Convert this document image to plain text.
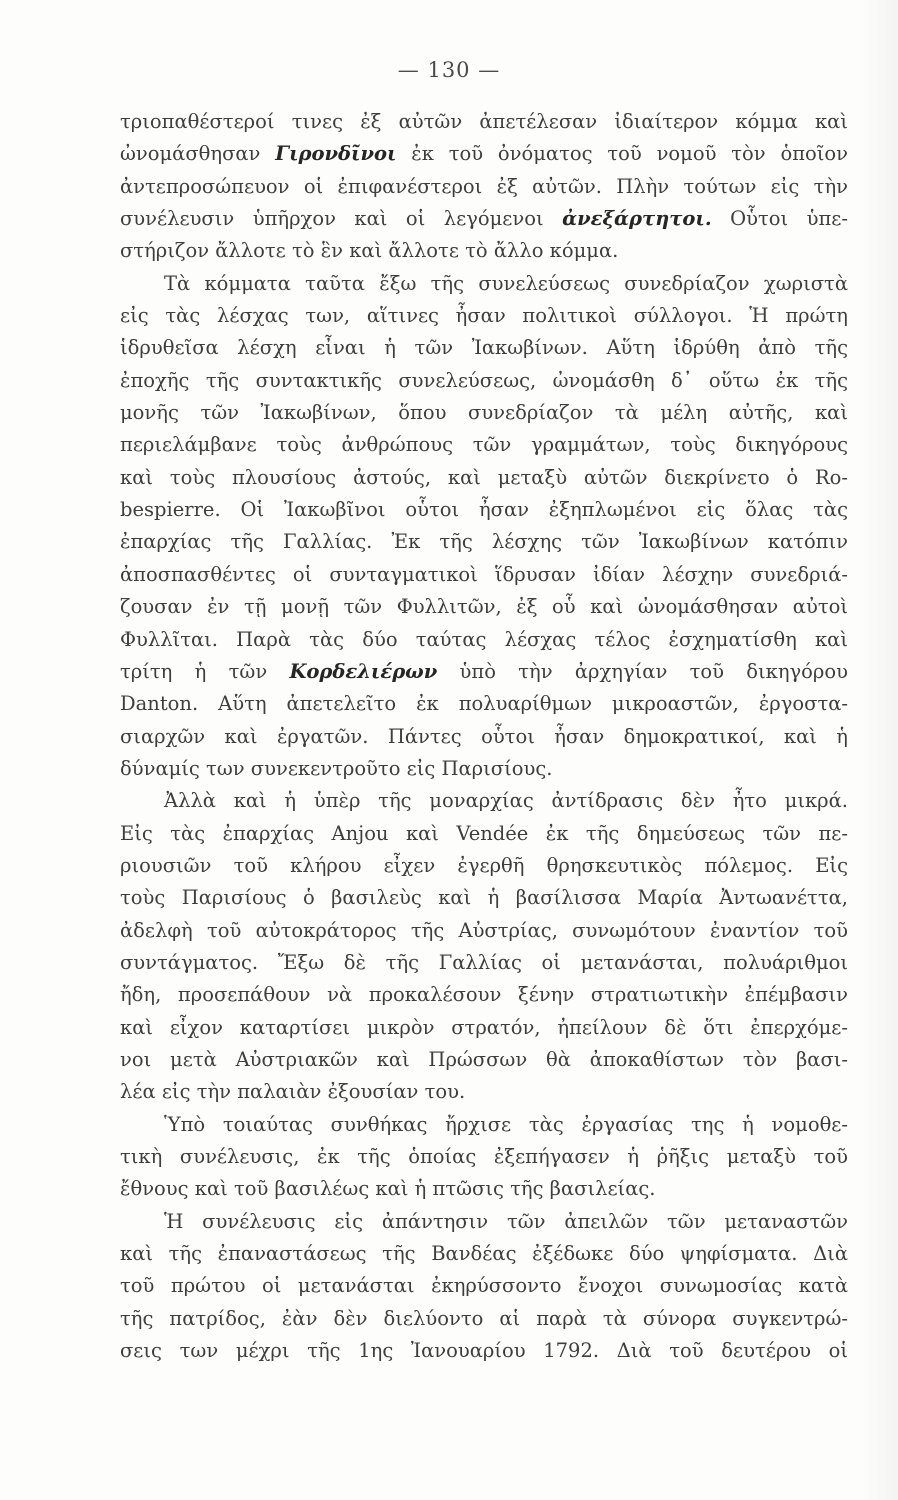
— 130 —
τριοπαθέστεροί τινες ἐξ αὐτῶν ἀπετέλεσαν ἰδιαίτερον κόμμα καὶ
ὠνομάσθησαν Γιρονδῖνοι ἐκ τοῦ ὀνόματος τοῦ νομοῦ τὸν ὁποῖον
ἀντεπροσώπευον οἱ ἐπιφανέστεροι ἐξ αὐτῶν. Πλὴν τούτων εἰς τὴν
συνέλευσιν ὑπῆρχον καὶ οἱ λεγόμενοι ἀνεξάρτητοι. Οὗτοι ὑπε-
στήριζον ἄλλοτε τὸ ἓν καὶ ἄλλοτε τὸ ἄλλο κόμμα.
Τὰ κόμματα ταῦτα ἔξω τῆς συνελεύσεως συνεδρίαζον χωριστὰ
εἰς τὰς λέσχας των, αἵτινες ἦσαν πολιτικοὶ σύλλογοι. Ἡ πρώτη
ἱδρυθεῖσα λέσχη εἶναι ἡ τῶν Ἰακωβίνων. Αὕτη ἱδρύθη ἀπὸ τῆς
ἐποχῆς τῆς συντακτικῆς συνελεύσεως, ὠνομάσθη δ᾽ οὕτω ἐκ τῆς
μονῆς τῶν Ἰακωβίνων, ὅπου συνεδρίαζον τὰ μέλη αὐτῆς, καὶ
περιελάμβανε τοὺς ἀνθρώπους τῶν γραμμάτων, τοὺς δικηγόρους
καὶ τοὺς πλουσίους ἀστούς, καὶ μεταξὺ αὐτῶν διεκρίνετο ὁ Ro-
bespierre. Οἱ Ἰακωβῖνοι οὗτοι ἦσαν ἐξηπλωμένοι εἰς ὅλας τὰς
ἐπαρχίας τῆς Γαλλίας. Ἐκ τῆς λέσχης τῶν Ἰακωβίνων κατόπιν
ἀποσπασθέντες οἱ συνταγματικοὶ ἵδρυσαν ἰδίαν λέσχην συνεδριά-
ζουσαν ἐν τῇ μονῇ τῶν Φυλλιτῶν, ἐξ οὗ καὶ ὠνομάσθησαν αὐτοὶ
Φυλλῖται. Παρὰ τὰς δύο ταύτας λέσχας τέλος ἐσχηματίσθη καὶ
τρίτη ἡ τῶν Κορδελιέρων ὑπὸ τὴν ἀρχηγίαν τοῦ δικηγόρου
Danton. Αὕτη ἀπετελεῖτο ἐκ πολυαρίθμων μικροαστῶν, ἐργοστα-
σιαρχῶν καὶ ἐργατῶν. Πάντες οὗτοι ἦσαν δημοκρατικοί, καὶ ἡ
δύναμίς των συνεκεντροῦτο εἰς Παρισίους.
Ἀλλὰ καὶ ἡ ὑπὲρ τῆς μοναρχίας ἀντίδρασις δὲν ἦτο μικρά.
Εἰς τὰς ἐπαρχίας Anjou καὶ Vendée ἐκ τῆς δημεύσεως τῶν πε-
ριουσιῶν τοῦ κλήρου εἶχεν ἐγερθῆ θρησκευτικὸς πόλεμος. Εἰς
τοὺς Παρισίους ὁ βασιλεὺς καὶ ἡ βασίλισσα Μαρία Ἀντωανέττα,
ἀδελφὴ τοῦ αὐτοκράτορος τῆς Αὐστρίας, συνωμότουν ἐναντίον τοῦ
συντάγματος. Ἔξω δὲ τῆς Γαλλίας οἱ μετανάσται, πολυάριθμοι
ἤδη, προσεπάθουν νὰ προκαλέσουν ξένην στρατιωτικὴν ἐπέμβασιν
καὶ εἶχον καταρτίσει μικρὸν στρατόν, ἠπείλουν δὲ ὅτι ἐπερχόμε-
νοι μετὰ Αὐστριακῶν καὶ Πρώσσων θὰ ἀποκαθίστων τὸν βασι-
λέα εἰς τὴν παλαιὰν ἐξουσίαν του.
Ὑπὸ τοιαύτας συνθήκας ἤρχισε τὰς ἐργασίας της ἡ νομοθε-
τικὴ συνέλευσις, ἐκ τῆς ὁποίας ἐξεπήγασεν ἡ ῥῆξις μεταξὺ τοῦ
ἔθνους καὶ τοῦ βασιλέως καὶ ἡ πτῶσις τῆς βασιλείας.
Ἡ συνέλευσις εἰς ἀπάντησιν τῶν ἀπειλῶν τῶν μεταναστῶν
καὶ τῆς ἐπαναστάσεως τῆς Βανδέας ἐξέδωκε δύο ψηφίσματα. Διὰ
τοῦ πρώτου οἱ μετανάσται ἐκηρύσσοντο ἔνοχοι συνωμοσίας κατὰ
τῆς πατρίδος, ἐὰν δὲν διελύοντο αἱ παρὰ τὰ σύνορα συγκεντρώ-
σεις των μέχρι τῆς 1ης Ἰανουαρίου 1792. Διὰ τοῦ δευτέρου οἱ
